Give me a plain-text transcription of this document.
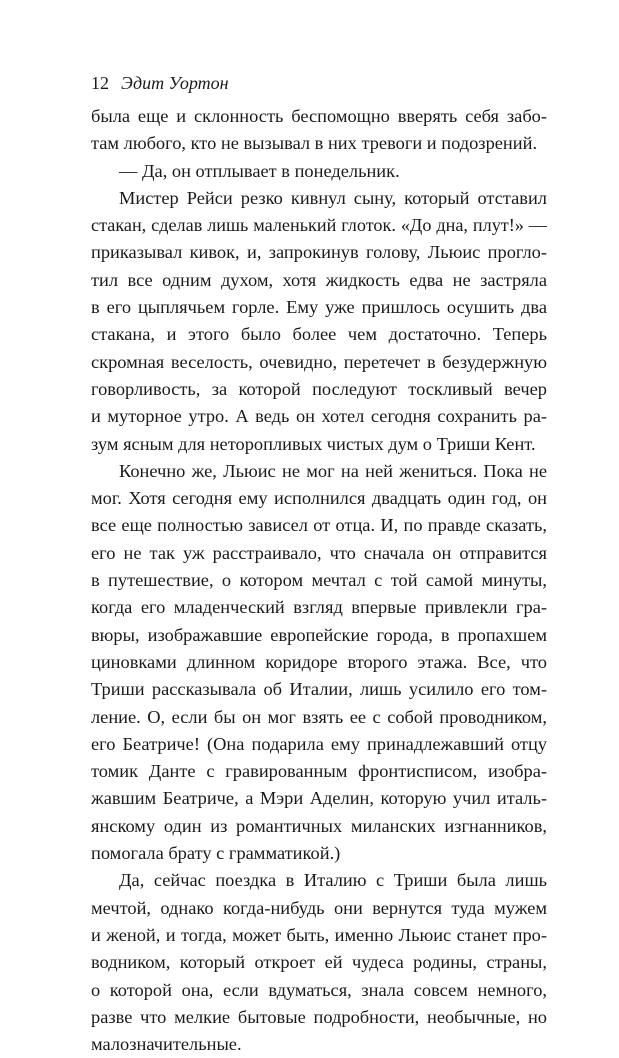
12 Эдит Уортон
была еще и склонность беспомощно вверять себя забо-
там любого, кто не вызывал в них тревоги и подозрений.
— Да, он отплывает в понедельник.
Мистер Рейси резко кивнул сыну, который отставил
стакан, сделав лишь маленький глоток. «До дна, плут!» —
приказывал кивок, и, запрокинув голову, Льюис прогло-
тил все одним духом, хотя жидкость едва не застряла
в его цыплячьем горле. Ему уже пришлось осушить два
стакана, и этого было более чем достаточно. Теперь
скромная веселость, очевидно, перетечет в безудержную
говорливость, за которой последуют тоскливый вечер
и муторное утро. А ведь он хотел сегодня сохранить ра-
зум ясным для неторопливых чистых дум о Триши Кент.
Конечно же, Льюис не мог на ней жениться. Пока не
мог. Хотя сегодня ему исполнился двадцать один год, он
все еще полностью зависел от отца. И, по правде сказать,
его не так уж расстраивало, что сначала он отправится
в путешествие, о котором мечтал с той самой минуты,
когда его младенческий взгляд впервые привлекли гра-
вюры, изображавшие европейские города, в пропахшем
циновками длинном коридоре второго этажа. Все, что
Триши рассказывала об Италии, лишь усилило его том-
ление. О, если бы он мог взять ее с собой проводником,
его Беатриче! (Она подарила ему принадлежавший отцу
томик Данте с гравированным фронтисписом, изобра-
жавшим Беатриче, а Мэри Аделин, которую учил италь-
янскому один из романтичных миланских изгнанников,
помогала брату с грамматикой.)
Да, сейчас поездка в Италию с Триши была лишь
мечтой, однако когда-нибудь они вернутся туда мужем
и женой, и тогда, может быть, именно Льюис станет про-
водником, который откроет ей чудеса родины, страны,
о которой она, если вдуматься, знала совсем немного,
разве что мелкие бытовые подробности, необычные, но
малозначительные.
